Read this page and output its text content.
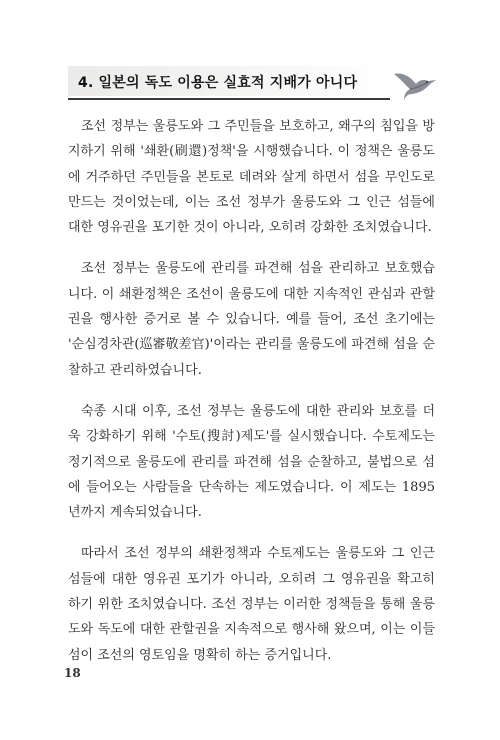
4. 일본의 독도 이용은 실효적 지배가 아니다

조선 정부는 울릉도와 그 주민들을 보호하고, 왜구의 침입을 방지하기 위해 '쇄환(刷還)정책'을 시행했습니다. 이 정책은 울릉도에 거주하던 주민들을 본토로 데려와 살게 하면서 섬을 무인도로 만드는 것이었는데, 이는 조선 정부가 울릉도와 그 인근 섬들에 대한 영유권을 포기한 것이 아니라, 오히려 강화한 조치였습니다.

조선 정부는 울릉도에 관리를 파견해 섬을 관리하고 보호했습니다. 이 쇄환정책은 조선이 울릉도에 대한 지속적인 관심과 관할권을 행사한 증거로 볼 수 있습니다. 예를 들어, 조선 초기에는 '순심경차관(巡審敬差官)'이라는 관리를 울릉도에 파견해 섬을 순찰하고 관리하였습니다.

숙종 시대 이후, 조선 정부는 울릉도에 대한 관리와 보호를 더욱 강화하기 위해 '수토(搜討)제도'를 실시했습니다. 수토제도는 정기적으로 울릉도에 관리를 파견해 섬을 순찰하고, 불법으로 섬에 들어오는 사람들을 단속하는 제도였습니다. 이 제도는 1895년까지 계속되었습니다.

따라서 조선 정부의 쇄환정책과 수토제도는 울릉도와 그 인근 섬들에 대한 영유권 포기가 아니라, 오히려 그 영유권을 확고히 하기 위한 조치였습니다. 조선 정부는 이러한 정책들을 통해 울릉도와 독도에 대한 관할권을 지속적으로 행사해 왔으며, 이는 이들 섬이 조선의 영토임을 명확히 하는 증거입니다.

18
